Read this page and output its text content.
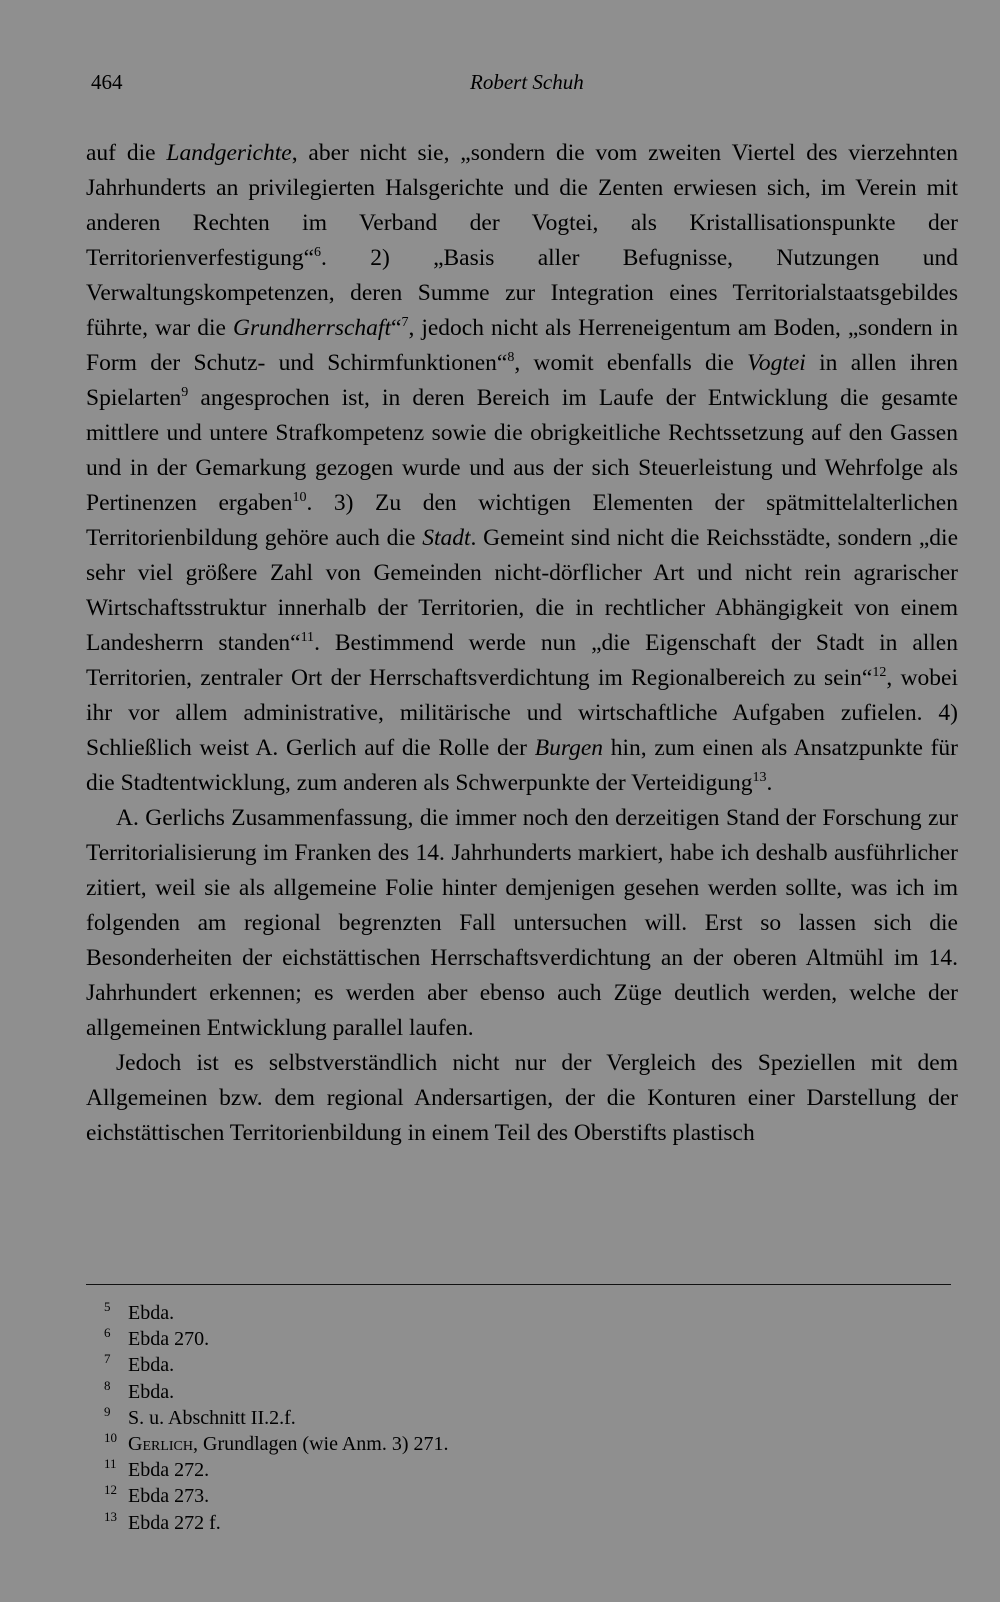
464	Robert Schuh

auf die Landgerichte, aber nicht sie, „sondern die vom zweiten Viertel des vierzehnten Jahrhunderts an privilegierten Halsgerichte und die Zenten erwiesen sich, im Verein mit anderen Rechten im Verband der Vogtei, als Kristallisationspunkte der Territorienverfestigung“$^6$. 2) „Basis aller Befugnisse, Nutzungen und Verwaltungskompetenzen, deren Summe zur Integration eines Territorialstaatsgebildes führte, war die Grundherrschaft“$^7$, jedoch nicht als Herreneigentum am Boden, „sondern in Form der Schutz- und Schirmfunktionen“$^8$, womit ebenfalls die Vogtei in allen ihren Spielarten$^9$ angesprochen ist, in deren Bereich im Laufe der Entwicklung die gesamte mittlere und untere Strafkompetenz sowie die obrigkeitliche Rechtssetzung auf den Gassen und in der Gemarkung gezogen wurde und aus der sich Steuerleistung und Wehrfolge als Pertinenzen ergaben$^{10}$. 3) Zu den wichtigen Elementen der spätmittelalterlichen Territorienbildung gehöre auch die Stadt. Gemeint sind nicht die Reichsstädte, sondern „die sehr viel größere Zahl von Gemeinden nicht-dörflicher Art und nicht rein agrarischer Wirtschaftsstruktur innerhalb der Territorien, die in rechtlicher Abhängigkeit von einem Landesherrn standen“$^{11}$. Bestimmend werde nun „die Eigenschaft der Stadt in allen Territorien, zentraler Ort der Herrschaftsverdichtung im Regionalbereich zu sein“$^{12}$, wobei ihr vor allem administrative, militärische und wirtschaftliche Aufgaben zufielen. 4) Schließlich weist A. Gerlich auf die Rolle der Burgen hin, zum einen als Ansatzpunkte für die Stadtentwicklung, zum anderen als Schwerpunkte der Verteidigung$^{13}$.

A. Gerlichs Zusammenfassung, die immer noch den derzeitigen Stand der Forschung zur Territorialisierung im Franken des 14. Jahrhunderts markiert, habe ich deshalb ausführlicher zitiert, weil sie als allgemeine Folie hinter demjenigen gesehen werden sollte, was ich im folgenden am regional begrenzten Fall untersuchen will. Erst so lassen sich die Besonderheiten der eichstättischen Herrschaftsverdichtung an der oberen Altmühl im 14. Jahrhundert erkennen; es werden aber ebenso auch Züge deutlich werden, welche der allgemeinen Entwicklung parallel laufen.

Jedoch ist es selbstverständlich nicht nur der Vergleich des Speziellen mit dem Allgemeinen bzw. dem regional Andersartigen, der die Konturen einer Darstellung der eichstättischen Territorienbildung in einem Teil des Oberstifts plastisch

5 Ebda.
6 Ebda 270.
7 Ebda.
8 Ebda.
9 S. u. Abschnitt II.2.f.
10 Gerlich, Grundlagen (wie Anm. 3) 271.
11 Ebda 272.
12 Ebda 273.
13 Ebda 272 f.
